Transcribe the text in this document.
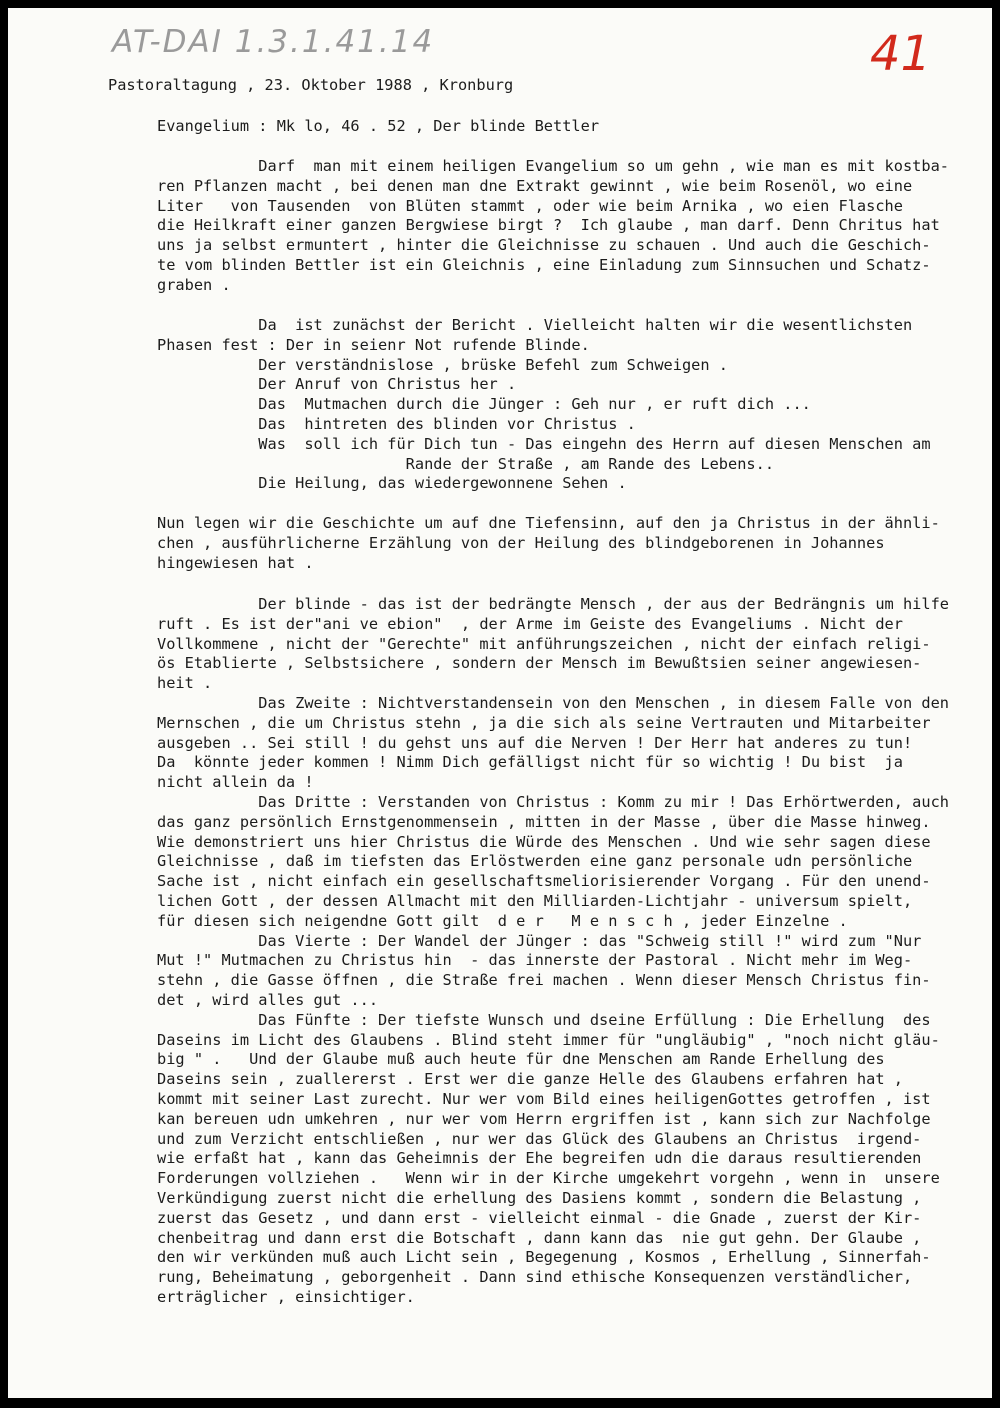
AT-DAI 1.3.1.41.14	41
Pastoraltagung , 23. Oktober 1988 , Kronburg
Evangelium : Mk lo, 46 . 52 , Der blinde Bettler
Darf  man mit einem heiligen Evangelium so um gehn , wie man es mit kostba-
ren Pflanzen macht , bei denen man dne Extrakt gewinnt , wie beim Rosenöl, wo eine
Liter   von Tausenden  von Blüten stammt , oder wie beim Arnika , wo eien Flasche
die Heilkraft einer ganzen Bergwiese birgt ?  Ich glaube , man darf. Denn Chritus hat
uns ja selbst ermuntert , hinter die Gleichnisse zu schauen . Und auch die Geschich-
te vom blinden Bettler ist ein Gleichnis , eine Einladung zum Sinnsuchen und Schatz-
graben .
Da  ist zunächst der Bericht . Vielleicht halten wir die wesentlichsten
Phasen fest : Der in seienr Not rufende Blinde.
Der verständnislose , brüske Befehl zum Schweigen .
Der Anruf von Christus her .
Das  Mutmachen durch die Jünger : Geh nur , er ruft dich ...
Das  hintreten des blinden vor Christus .
Was  soll ich für Dich tun - Das eingehn des Herrn auf diesen Menschen am
Rande der Straße , am Rande des Lebens..
Die Heilung, das wiedergewonnene Sehen .
Nun legen wir die Geschichte um auf dne Tiefensinn, auf den ja Christus in der ähnli-
chen , ausführlicherne Erzählung von der Heilung des blindgeborenen in Johannes
hingewiesen hat .
Der blinde - das ist der bedrängte Mensch , der aus der Bedrängnis um hilfe
ruft . Es ist der"ani ve ebion"  , der Arme im Geiste des Evangeliums . Nicht der
Vollkommene , nicht der "Gerechte" mit anführungszeichen , nicht der einfach religi-
ös Etablierte , Selbstsichere , sondern der Mensch im Bewußtsien seiner angewiesen-
heit .
Das Zweite : Nichtverstandensein von den Menschen , in diesem Falle von den
Mernschen , die um Christus stehn , ja die sich als seine Vertrauten und Mitarbeiter
ausgeben .. Sei still ! du gehst uns auf die Nerven ! Der Herr hat anderes zu tun!
Da  könnte jeder kommen ! Nimm Dich gefälligst nicht für so wichtig ! Du bist  ja
nicht allein da !
Das Dritte : Verstanden von Christus : Komm zu mir ! Das Erhörtwerden, auch
das ganz persönlich Ernstgenommensein , mitten in der Masse , über die Masse hinweg.
Wie demonstriert uns hier Christus die Würde des Menschen . Und wie sehr sagen diese
Gleichnisse , daß im tiefsten das Erlöstwerden eine ganz personale udn persönliche
Sache ist , nicht einfach ein gesellschaftsmeliorisierender Vorgang . Für den unend-
lichen Gott , der dessen Allmacht mit den Milliarden-Lichtjahr - universum spielt,
für diesen sich neigendne Gott gilt  d e r   M e n s c h , jeder Einzelne .
Das Vierte : Der Wandel der Jünger : das "Schweig still !" wird zum "Nur
Mut !" Mutmachen zu Christus hin  - das innerste der Pastoral . Nicht mehr im Weg-
stehn , die Gasse öffnen , die Straße frei machen . Wenn dieser Mensch Christus fin-
det , wird alles gut ...
Das Fünfte : Der tiefste Wunsch und dseine Erfüllung : Die Erhellung  des
Daseins im Licht des Glaubens . Blind steht immer für "ungläubig" , "noch nicht gläu-
big " .   Und der Glaube muß auch heute für dne Menschen am Rande Erhellung des
Daseins sein , zuallererst . Erst wer die ganze Helle des Glaubens erfahren hat ,
kommt mit seiner Last zurecht. Nur wer vom Bild eines heiligenGottes getroffen , ist
kan bereuen udn umkehren , nur wer vom Herrn ergriffen ist , kann sich zur Nachfolge
und zum Verzicht entschließen , nur wer das Glück des Glaubens an Christus  irgend-
wie erfaßt hat , kann das Geheimnis der Ehe begreifen udn die daraus resultierenden
Forderungen vollziehen .   Wenn wir in der Kirche umgekehrt vorgehn , wenn in  unsere
Verkündigung zuerst nicht die erhellung des Dasiens kommt , sondern die Belastung ,
zuerst das Gesetz , und dann erst - vielleicht einmal - die Gnade , zuerst der Kir-
chenbeitrag und dann erst die Botschaft , dann kann das  nie gut gehn. Der Glaube ,
den wir verkünden muß auch Licht sein , Begegenung , Kosmos , Erhellung , Sinnerfah-
rung, Beheimatung , geborgenheit . Dann sind ethische Konsequenzen verständlicher,
erträglicher , einsichtiger.
